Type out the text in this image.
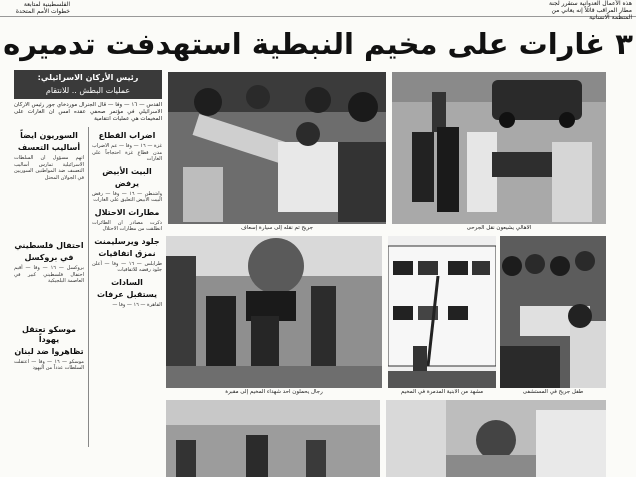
الفلسطينية لمتابعة خطوات الأمم المتحدة
هذه الأعمال العدوانية ستقرر لجنة مطار المراقب قائلاً إنه يعاني من المنظمة الانسانية
٣ غارات على مخيم النبطية استهدفت تدميره
رئيس الأركان الاسرائيلي:
عمليات البطش .. للانتقام
القدس — ١٦ — وفا — قال الجنرال موردخاي جور رئيس الاركان الاسرائيلي في مؤتمر صحفي عقده امس ان الغارات على المخيمات هي عمليات انتقامية
اضراب القطاع
غزة — ١٦ — وفا — عم الاضراب مدن قطاع غزة احتجاجاً على الغارات
البيت الأبيض
يرفض
واشنطن — ١٦ — وفا — رفض البيت الأبيض التعليق على الغارات
مطارات الاحتلال
ذكرت مصادر ان الطائرات انطلقت من مطارات الاحتلال
جلود ويرسليمنت
نمزق اتفاقيات
طرابلس — ١٦ — وفا — أعلن جلود رفضه للاتفاقيات
السادات
يستقبل عرفات
القاهرة — ١٦ — وفا —
السوريون ايضاً
أساليب التعسف
اتهم مسؤول ان السلطات الاسرائيلية تمارس أساليب التعسف ضد المواطنين السوريين في الجولان المحتل
احتفال فلسطيني
في بروكسل
بروكسل — ١٦ — وفا — أقيم احتفال فلسطيني كبير في العاصمة البلجيكية
موسكو تعتقل يهوداً
تظاهروا ضد لبنان
موسكو — ١٦ — وفا — اعتقلت السلطات عدداً من اليهود
جريح تم نقله إلى سيارة إسعاف	الأهالي يشيعون نقل الجرحى
رجال يحملون أحد شهداء المخيم إلى مقبرة	مشهد من الأبنية المدمرة في المخيم	طفل جريح في المستشفى
